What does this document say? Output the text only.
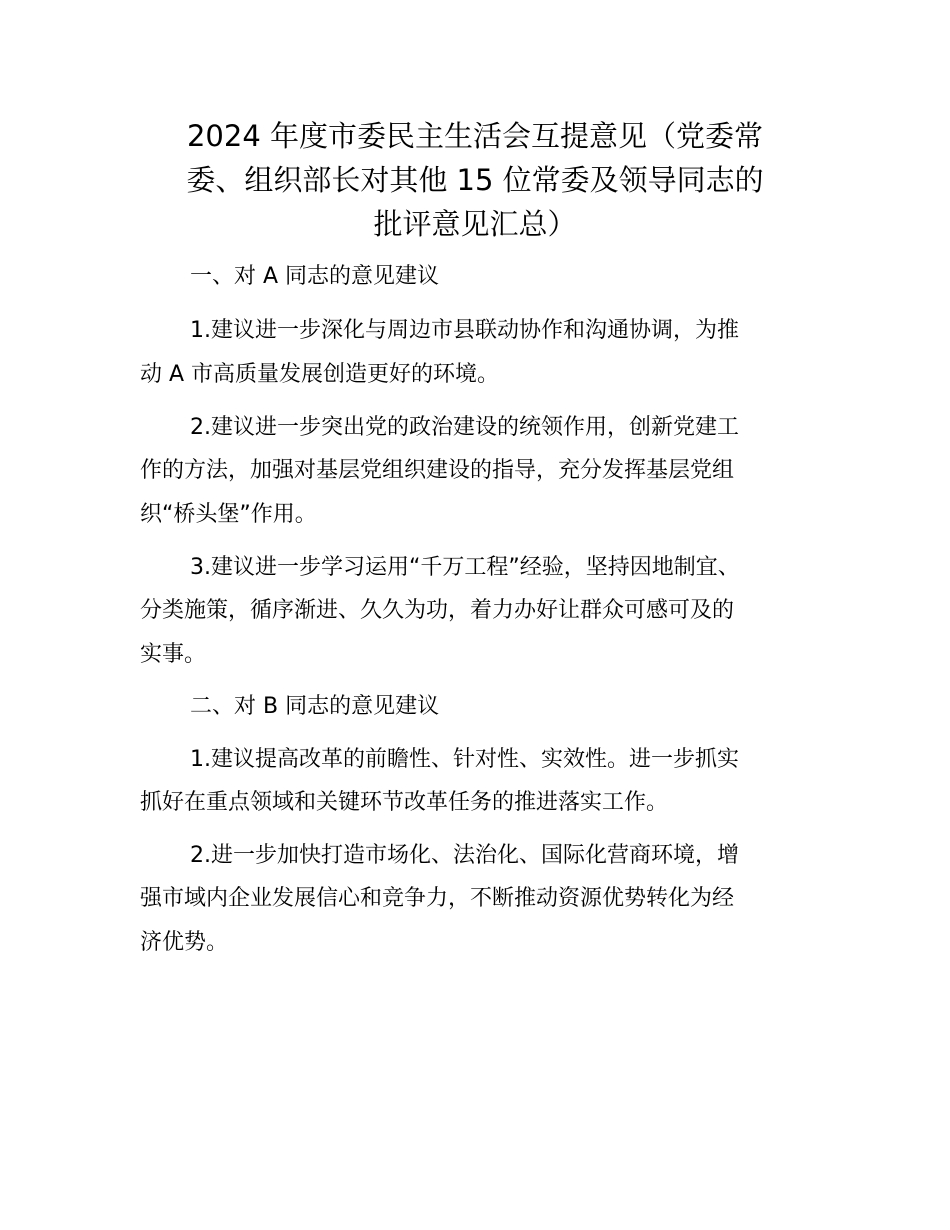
2024 年度市委民主生活会互提意见（党委常
委、组织部长对其他 15 位常委及领导同志的
批评意见汇总）

一、对 A 同志的意见建议

1.建议进一步深化与周边市县联动协作和沟通协调，为推

动 A 市高质量发展创造更好的环境。

2.建议进一步突出党的政治建设的统领作用，创新党建工

作的方法，加强对基层党组织建设的指导，充分发挥基层党组

织“桥头堡”作用。

3.建议进一步学习运用“千万工程”经验，坚持因地制宜、

分类施策，循序渐进、久久为功，着力办好让群众可感可及的

实事。

二、对 B 同志的意见建议

1.建议提高改革的前瞻性、针对性、实效性。进一步抓实

抓好在重点领域和关键环节改革任务的推进落实工作。

2.进一步加快打造市场化、法治化、国际化营商环境，增

强市域内企业发展信心和竞争力，不断推动资源优势转化为经

济优势。
